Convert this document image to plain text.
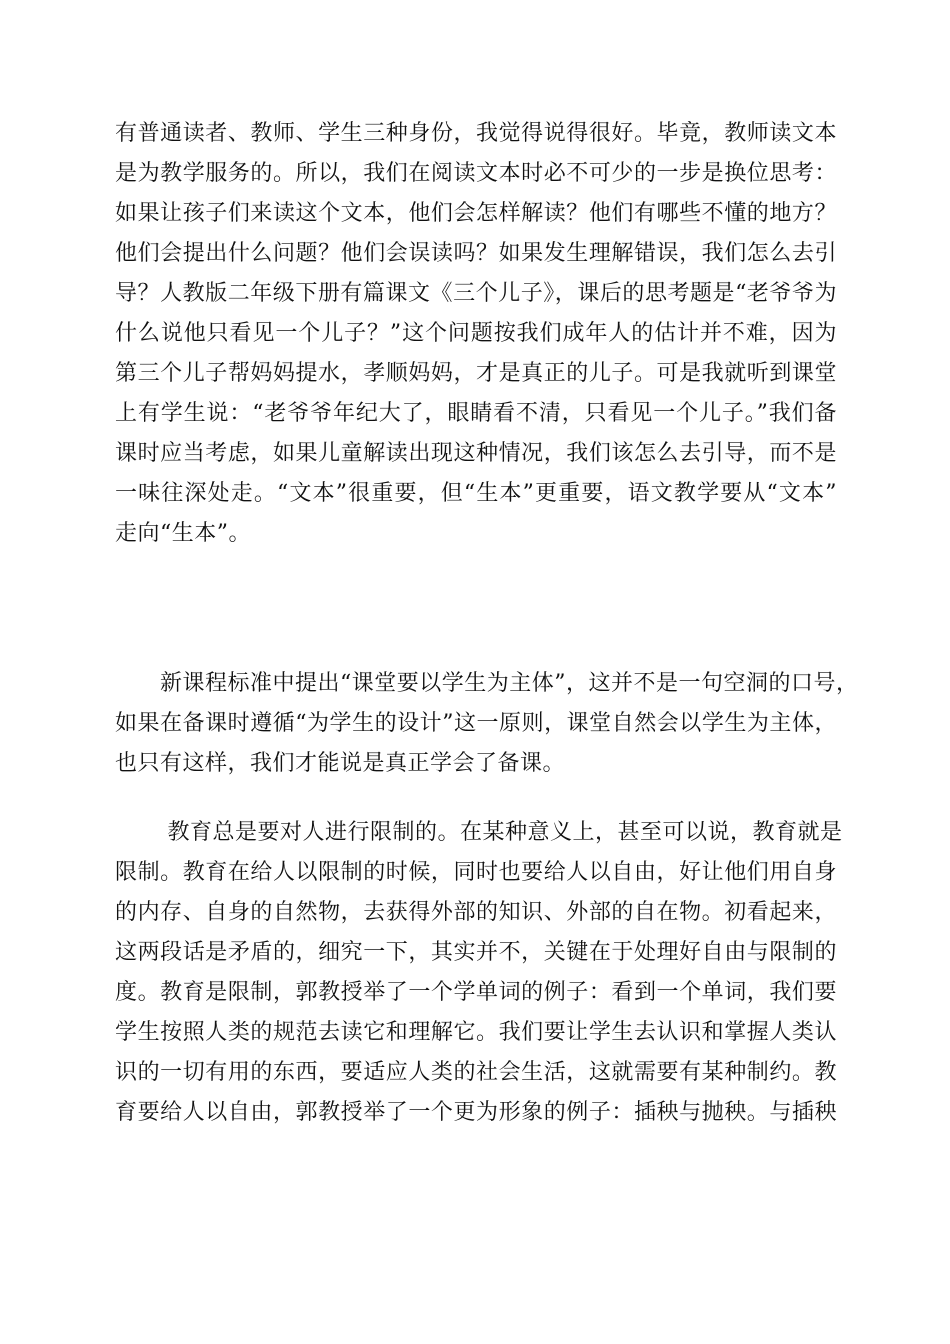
有普通读者、教师、学生三种身份，我觉得说得很好。毕竟，教师读文本
是为教学服务的。所以，我们在阅读文本时必不可少的一步是换位思考：
如果让孩子们来读这个文本，他们会怎样解读？他们有哪些不懂的地方？
他们会提出什么问题？他们会误读吗？如果发生理解错误，我们怎么去引
导？人教版二年级下册有篇课文《三个儿子》，课后的思考题是“老爷爷为
什么说他只看见一个儿子？”这个问题按我们成年人的估计并不难，因为
第三个儿子帮妈妈提水，孝顺妈妈，才是真正的儿子。可是我就听到课堂
上有学生说：“老爷爷年纪大了，眼睛看不清，只看见一个儿子。”我们备
课时应当考虑，如果儿童解读出现这种情况，我们该怎么去引导，而不是
一味往深处走。“文本”很重要，但“生本”更重要，语文教学要从“文本”
走向“生本”。
　　新课程标准中提出“课堂要以学生为主体”，这并不是一句空洞的口号，
如果在备课时遵循“为学生的设计”这一原则，课堂自然会以学生为主体，
也只有这样，我们才能说是真正学会了备课。
　　 教育总是要对人进行限制的。在某种意义上，甚至可以说，教育就是
限制。教育在给人以限制的时候，同时也要给人以自由，好让他们用自身
的内存、自身的自然物，去获得外部的知识、外部的自在物。初看起来，
这两段话是矛盾的，细究一下，其实并不，关键在于处理好自由与限制的
度。教育是限制，郭教授举了一个学单词的例子：看到一个单词，我们要
学生按照人类的规范去读它和理解它。我们要让学生去认识和掌握人类认
识的一切有用的东西，要适应人类的社会生活，这就需要有某种制约。教
育要给人以自由，郭教授举了一个更为形象的例子：插秧与抛秧。与插秧
